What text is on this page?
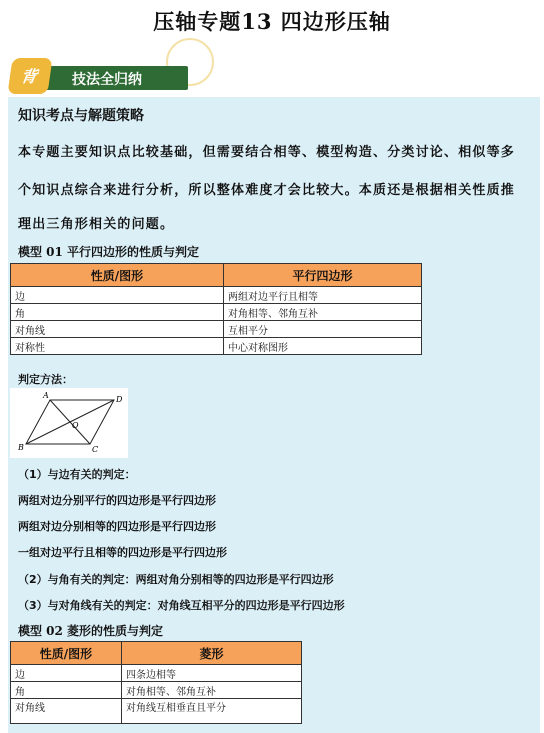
压轴专题13 四边形压轴
技法全归纳
背
知识考点与解题策略
本专题主要知识点比较基础，但需要结合相等、模型构造、分类讨论、相似等多
个知识点综合来进行分析，所以整体难度才会比较大。本质还是根据相关性质推
理出三角形相关的问题。
模型 01 平行四边形的性质与判定
性质/图形	平行四边形
边	两组对边平行且相等
角	对角相等、邻角互补
对角线	互相平分
对称性	中心对称图形
判定方法：
A	D
O
B	C
（1）与边有关的判定：
两组对边分别平行的四边形是平行四边形
两组对边分别相等的四边形是平行四边形
一组对边平行且相等的四边形是平行四边形
（2）与角有关的判定：两组对角分别相等的四边形是平行四边形
（3）与对角线有关的判定：对角线互相平分的四边形是平行四边形
模型 02 菱形的性质与判定
性质/图形	菱形
边	四条边相等
角	对角相等、邻角互补
对角线	对角线互相垂直且平分
